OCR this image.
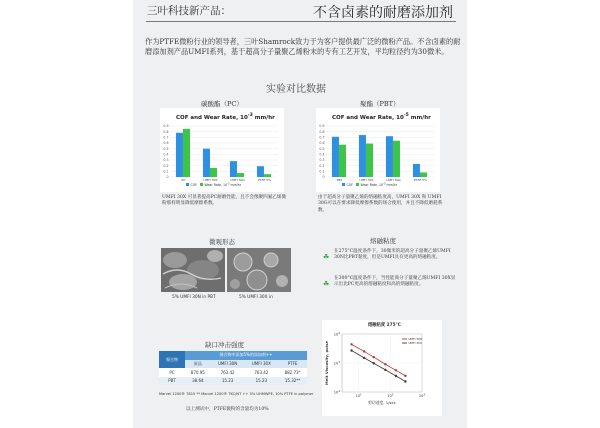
三叶科技新产品：	不含卤素的耐磨添加剂
作为PTFE微粉行业的领导者，三叶Shamrock致力于为客户提供最广泛的微粉产品。不含卤素的耐磨添加剂产品UMFI系列，基于超高分子量聚乙烯粉末的专有工艺开发，平均粒径约为30微米。
实验对比数据
碳酸酯（PC）
COF and Wear Rate, $10^{-3}$ mm/hr
0
0.1
0.2
0.3
0.4
0.5
0.6
0.7
0.8
0.9
PC	UMFI 30X	UMFI 30G	PTFE 5%
COF Wear Rate, $10^{-3}$ mm/hr
UMFI 30X 可显著提高PC耐磨性能，且不会像聚四氟乙烯微粉那样明显降低摩擦系数。
聚酯（PBT）
COF and Wear Rate, $10^{-5}$ mm/hr
0
0.1
0.2
0.3
0.4
0.5
0.6
0.7
0.8
0.9
PBT	UMFI 30X	UMFI 30G	PTFE 5%
COF Wear Rate, $10^{-5}$ mm/hr
由于超高分子量聚乙烯的熔融粘度高，UMFI 30X 和 UMFI 30G可以在要求降低摩擦系数的场合使用，并且不降低磨耗系数。
微观形态
5% UMFI 30N in PBT	5% UMFI 30X in
熔融粘度
☘
在275°C温度条件下，30微米的超高分子量聚乙烯UMFI 30N比PBT黏度，但是UMFI具有更高的熔融粘度。
☘
在300°C温度条件下，当性能商分子量聚乙烯UMFI 30X显示出比PC更高的熔融粘度和高的熔融粘度。
缺口冲击强度
聚合物	聚合物中添加5%的添加剂++			
	原品	UMFI 30N	UMFI 30X	PTFE
PC	870.95	763.42	763.42	882.73*
PBT	38.64	15.23	15.23	15.32**
Marvel 1200® 7815 ** Marvel 1200® TKC/NT ++ 5% UHMWPE, 10% PTFE in polymer
以上测试中，PTFE微粉的含量均为10%
熔融粘度 275°C
$10^1$	$10^2$	$10^3$
$10^2$
$10^3$
$10^4$
UMFI 30N
UMFI 30X
剪切速度, 1/sec
Melt Viscosity, poise
